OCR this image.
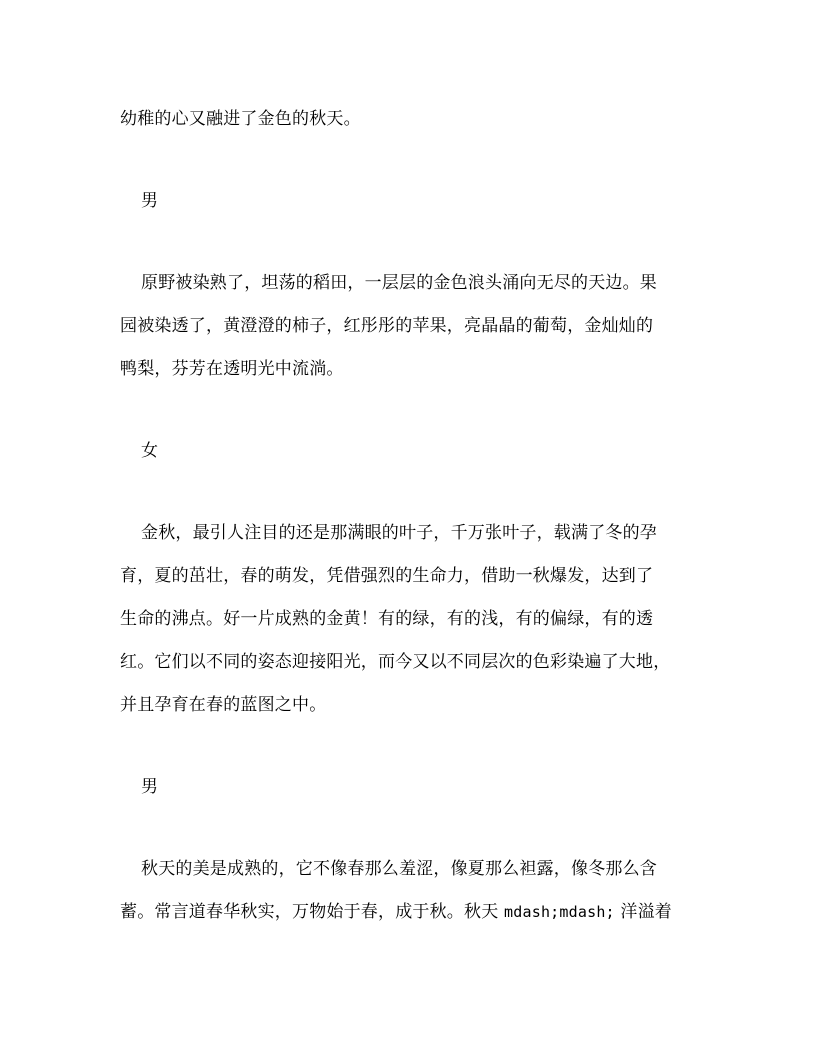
幼稚的心又融进了金色的秋天。
男
原野被染熟了，坦荡的稻田，一层层的金色浪头涌向无尽的天边。果
园被染透了，黄澄澄的柿子，红彤彤的苹果，亮晶晶的葡萄，金灿灿的
鸭梨，芬芳在透明光中流淌。
女
金秋，最引人注目的还是那满眼的叶子，千万张叶子，载满了冬的孕
育，夏的茁壮，春的萌发，凭借强烈的生命力，借助一秋爆发，达到了
生命的沸点。好一片成熟的金黄！有的绿，有的浅，有的偏绿，有的透
红。它们以不同的姿态迎接阳光，而今又以不同层次的色彩染遍了大地，
并且孕育在春的蓝图之中。
男
秋天的美是成熟的，它不像春那么羞涩，像夏那么袒露，像冬那么含
蓄。常言道春华秋实，万物始于春，成于秋。秋天 mdash;mdash; 洋溢着
